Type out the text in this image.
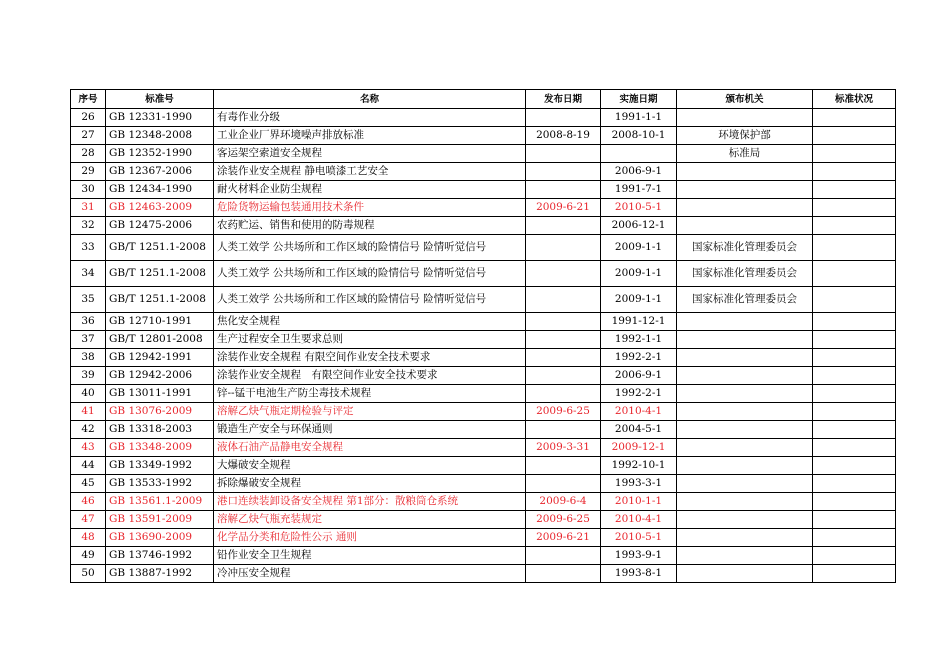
序号	标准号	名称	发布日期	实施日期	颁布机关	标准状况
26	GB 12331-1990	有毒作业分级		1991-1-1		
27	GB 12348-2008	工业企业厂界环境噪声排放标准	2008-8-19	2008-10-1	环境保护部	
28	GB 12352-1990	客运架空索道安全规程			标准局	
29	GB 12367-2006	涂装作业安全规程 静电喷漆工艺安全		2006-9-1		
30	GB 12434-1990	耐火材料企业防尘规程		1991-7-1		
31	GB 12463-2009	危险货物运输包装通用技术条件	2009-6-21	2010-5-1		
32	GB 12475-2006	农药贮运、销售和使用的防毒规程		2006-12-1		
33	GB/T 1251.1-2008	人类工效学 公共场所和工作区域的险情信号 险情听觉信号		2009-1-1	国家标准化管理委员会	
34	GB/T 1251.1-2008	人类工效学 公共场所和工作区域的险情信号 险情听觉信号		2009-1-1	国家标准化管理委员会	
35	GB/T 1251.1-2008	人类工效学 公共场所和工作区域的险情信号 险情听觉信号		2009-1-1	国家标准化管理委员会	
36	GB 12710-1991	焦化安全规程		1991-12-1		
37	GB/T 12801-2008	生产过程安全卫生要求总则		1992-1-1		
38	GB 12942-1991	涂装作业安全规程 有限空间作业安全技术要求		1992-2-1		
39	GB 12942-2006	涂装作业安全规程　有限空间作业安全技术要求		2006-9-1		
40	GB 13011-1991	锌--锰干电池生产防尘毒技术规程		1992-2-1		
41	GB 13076-2009	溶解乙炔气瓶定期检验与评定	2009-6-25	2010-4-1		
42	GB 13318-2003	锻造生产安全与环保通则		2004-5-1		
43	GB 13348-2009	液体石油产品静电安全规程	2009-3-31	2009-12-1		
44	GB 13349-1992	大爆破安全规程		1992-10-1		
45	GB 13533-1992	拆除爆破安全规程		1993-3-1		
46	GB 13561.1-2009	港口连续装卸设备安全规程 第1部分：散粮筒仓系统	2009-6-4	2010-1-1		
47	GB 13591-2009	溶解乙炔气瓶充装规定	2009-6-25	2010-4-1		
48	GB 13690-2009	化学品分类和危险性公示 通则	2009-6-21	2010-5-1		
49	GB 13746-1992	铅作业安全卫生规程		1993-9-1		
50	GB 13887-1992	冷冲压安全规程		1993-8-1		
